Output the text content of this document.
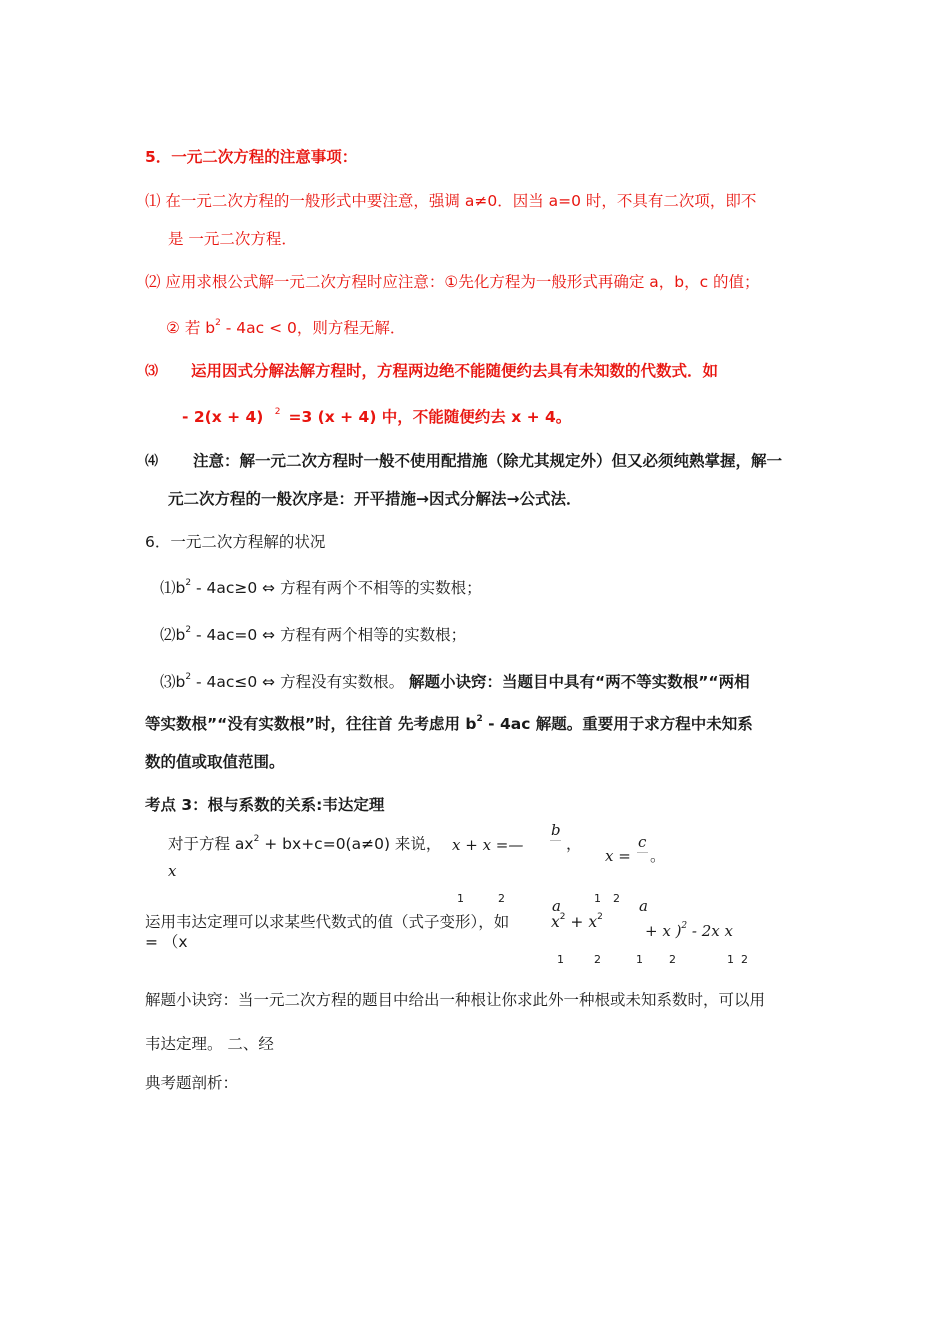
5．一元二次方程的注意事项：
⑴ 在一元二次方程的一般形式中要注意，强调 a≠0．因当 a=0 时，不具有二次项，即不
是 一元二次方程．
⑵ 应用求根公式解一元二次方程时应注意：①先化方程为一般形式再确定 a，b，c 的值；
② 若 $b^2 - 4ac < 0$，则方程无解．
⑶ 运用因式分解法解方程时，方程两边绝不能随便约去具有未知数的代数式．如
- 2(x + 4) $^2$ =3 (x + 4) 中，不能随便约去 x + 4。
⑷ 注意：解一元二次方程时一般不使用配措施（除尤其规定外）但又必须纯熟掌握，解一
元二次方程的一般次序是：开平措施→因式分解法→公式法．
6．一元二次方程解的状况
$⑴b^2 - 4ac\ge 0$ ⇔ 方程有两个不相等的实数根；
$⑵b^2 - 4ac=0$ ⇔ 方程有两个相等的实数根；
$⑶b^2 - 4ac\le 0$ ⇔ 方程没有实数根。 解题小诀窍：当题目中具有“两不等实数根”“两相
等实数根”“没有实数根”时，往往首 先考虑用 $b^2 - 4ac$ 解题。重要用于求方程中未知系
数的值或取值范围。
考点 3：根与系数的关系:韦达定理
对于方程 $ax^2 + bx+c=0(a\ne 0)$ 来说， x + x =—
b
，
x =
c
。
x
1	2	1 2
运用韦达定理可以求某些代数式的值（式子变形），如
a	a
$x^2 + x^2$
+ x )$^2$ - 2x x
= （x
1	2	1 2	1 2
解题小诀窍：当一元二次方程的题目中给出一种根让你求此外一种根或未知系数时，可以用
韦达定理。 二、经
典考题剖析：
